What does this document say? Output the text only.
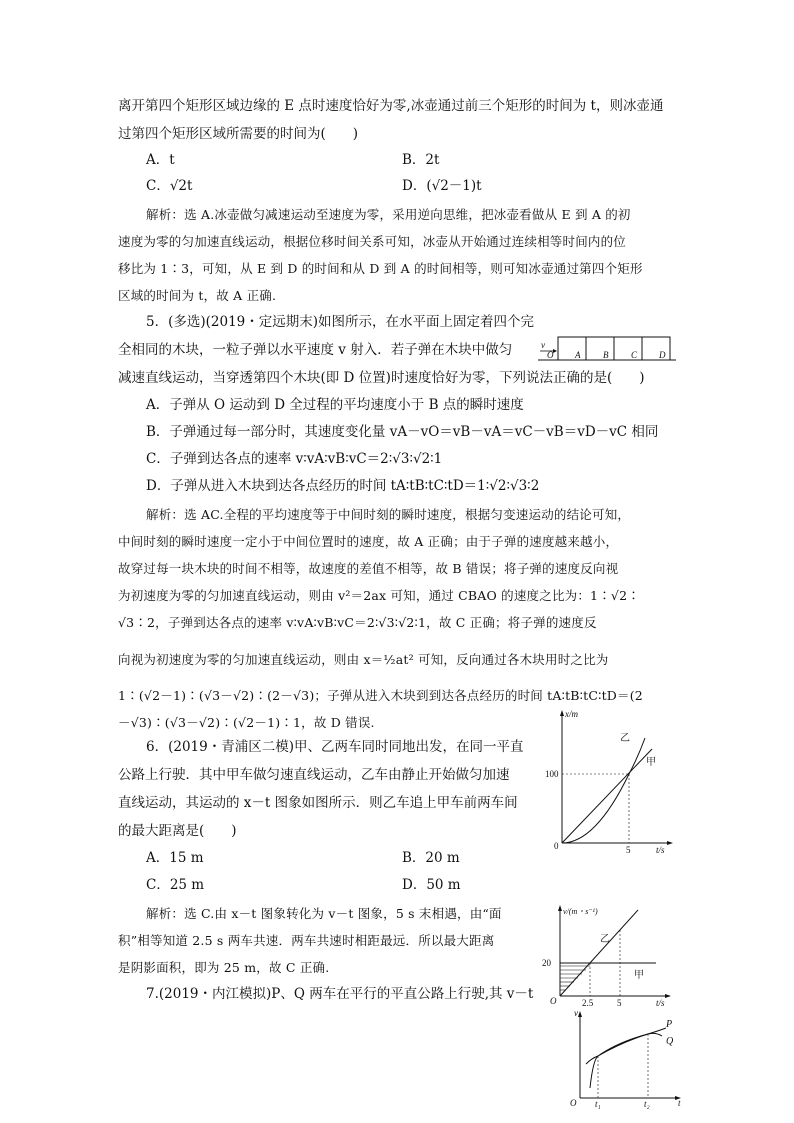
离开第四个矩形区域边缘的 E 点时速度恰好为零,冰壶通过前三个矩形的时间为 t，则冰壶通
过第四个矩形区域所需要的时间为(　　)
A．t	B．2t
C．√2t	D．(√2－1)t
解析：选 A.冰壶做匀减速运动至速度为零，采用逆向思维，把冰壶看做从 E 到 A 的初
速度为零的匀加速直线运动，根据位移时间关系可知，冰壶从开始通过连续相等时间内的位
移比为 1∶3，可知，从 E 到 D 的时间和从 D 到 A 的时间相等，则可知冰壶通过第四个矩形
区域的时间为 t，故 A 正确.
5．(多选)(2019・定远期末)如图所示，在水平面上固定着四个完
全相同的木块，一粒子弹以水平速度 v 射入．若子弹在木块中做匀
减速直线运动，当穿透第四个木块(即 D 位置)时速度恰好为零，下列说法正确的是(　　)
A．子弹从 O 运动到 D 全过程的平均速度小于 B 点的瞬时速度
B．子弹通过每一部分时，其速度变化量 vA－vO＝vB－vA＝vC－vB＝vD－vC 相同
C．子弹到达各点的速率 v∶vA∶vB∶vC＝2∶√3∶√2∶1
D．子弹从进入木块到达各点经历的时间 tA∶tB∶tC∶tD＝1∶√2∶√3∶2
解析：选 AC.全程的平均速度等于中间时刻的瞬时速度，根据匀变速运动的结论可知，
中间时刻的瞬时速度一定小于中间位置时的速度，故 A 正确；由于子弹的速度越来越小，
故穿过每一块木块的时间不相等，故速度的差值不相等，故 B 错误；将子弹的速度反向视
为初速度为零的匀加速直线运动，则由 v²＝2ax 可知，通过 CBAO 的速度之比为：1∶√2∶
√3∶2，子弹到达各点的速率 v∶vA∶vB∶vC＝2∶√3∶√2∶1，故 C 正确；将子弹的速度反
向视为初速度为零的匀加速直线运动，则由 x＝½at² 可知，反向通过各木块用时之比为
1∶(√2－1)∶(√3－√2)∶(2－√3)；子弹从进入木块到到达各点经历的时间 tA∶tB∶tC∶tD＝(2
－√3)∶(√3－√2)∶(√2－1)∶1，故 D 错误.
v
O A	B	C D
6．(2019・青浦区二模)甲、乙两车同时同地出发，在同一平直
公路上行驶．其中甲车做匀速直线运动，乙车由静止开始做匀加速
直线运动，其运动的 x－t 图象如图所示．则乙车追上甲车前两车间
的最大距离是(　　)
A．15 m	B．20 m
C．25 m	D．50 m
解析：选 C.由 x－t 图象转化为 v－t 图象，5 s 末相遇，由“面
积”相等知道 2.5 s 两车共速．两车共速时相距最远．所以最大距离
是阴影面积，即为 25 m，故 C 正确.
x/m
t/s
0
100
5
乙
甲
v/(m・s⁻¹)
t/s
O
20
2.5	5
乙
甲
7.(2019・内江模拟)P、Q 两车在平行的平直公路上行驶,其 v－t
v
t
O t₁	t₂
P
Q
